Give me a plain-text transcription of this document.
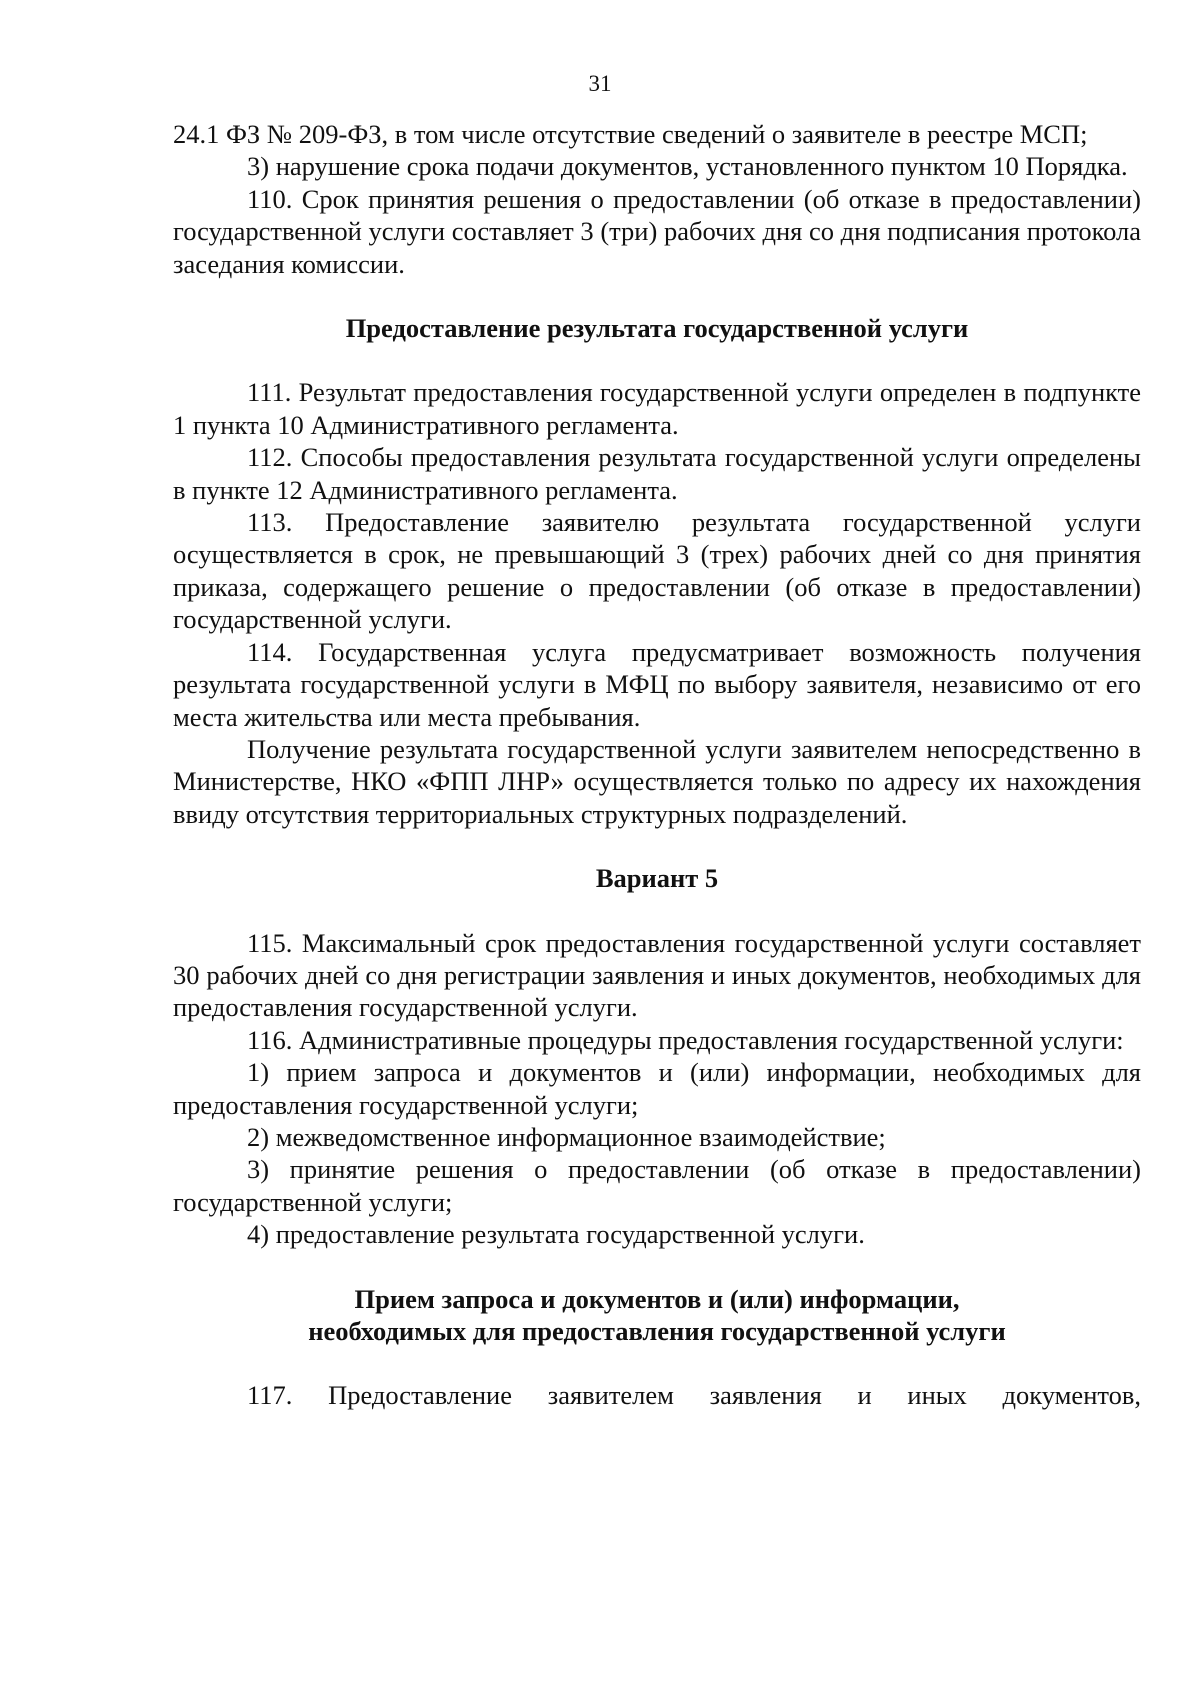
31

24.1 ФЗ № 209-ФЗ, в том числе отсутствие сведений о заявителе в реестре МСП;

3) нарушение срока подачи документов, установленного пунктом 10 Порядка.

110. Срок принятия решения о предоставлении (об отказе в предоставлении) государственной услуги составляет 3 (три) рабочих дня со дня подписания протокола заседания комиссии.

Предоставление результата государственной услуги

111. Результат предоставления государственной услуги определен в подпункте 1 пункта 10 Административного регламента.

112. Способы предоставления результата государственной услуги определены в пункте 12 Административного регламента.

113. Предоставление заявителю результата государственной услуги осуществляется в срок, не превышающий 3 (трех) рабочих дней со дня принятия приказа, содержащего решение о предоставлении (об отказе в предоставлении) государственной услуги.

114. Государственная услуга предусматривает возможность получения результата государственной услуги в МФЦ по выбору заявителя, независимо от его места жительства или места пребывания.

Получение результата государственной услуги заявителем непосредственно в Министерстве, НКО «ФПП ЛНР» осуществляется только по адресу их нахождения ввиду отсутствия территориальных структурных подразделений.

Вариант 5

115. Максимальный срок предоставления государственной услуги составляет 30 рабочих дней со дня регистрации заявления и иных документов, необходимых для предоставления государственной услуги.

116. Административные процедуры предоставления государственной услуги:

1) прием запроса и документов и (или) информации, необходимых для предоставления государственной услуги;

2) межведомственное информационное взаимодействие;

3) принятие решения о предоставлении (об отказе в предоставлении) государственной услуги;

4) предоставление результата государственной услуги.

Прием запроса и документов и (или) информации,
необходимых для предоставления государственной услуги

117. Предоставление заявителем заявления и иных документов,
